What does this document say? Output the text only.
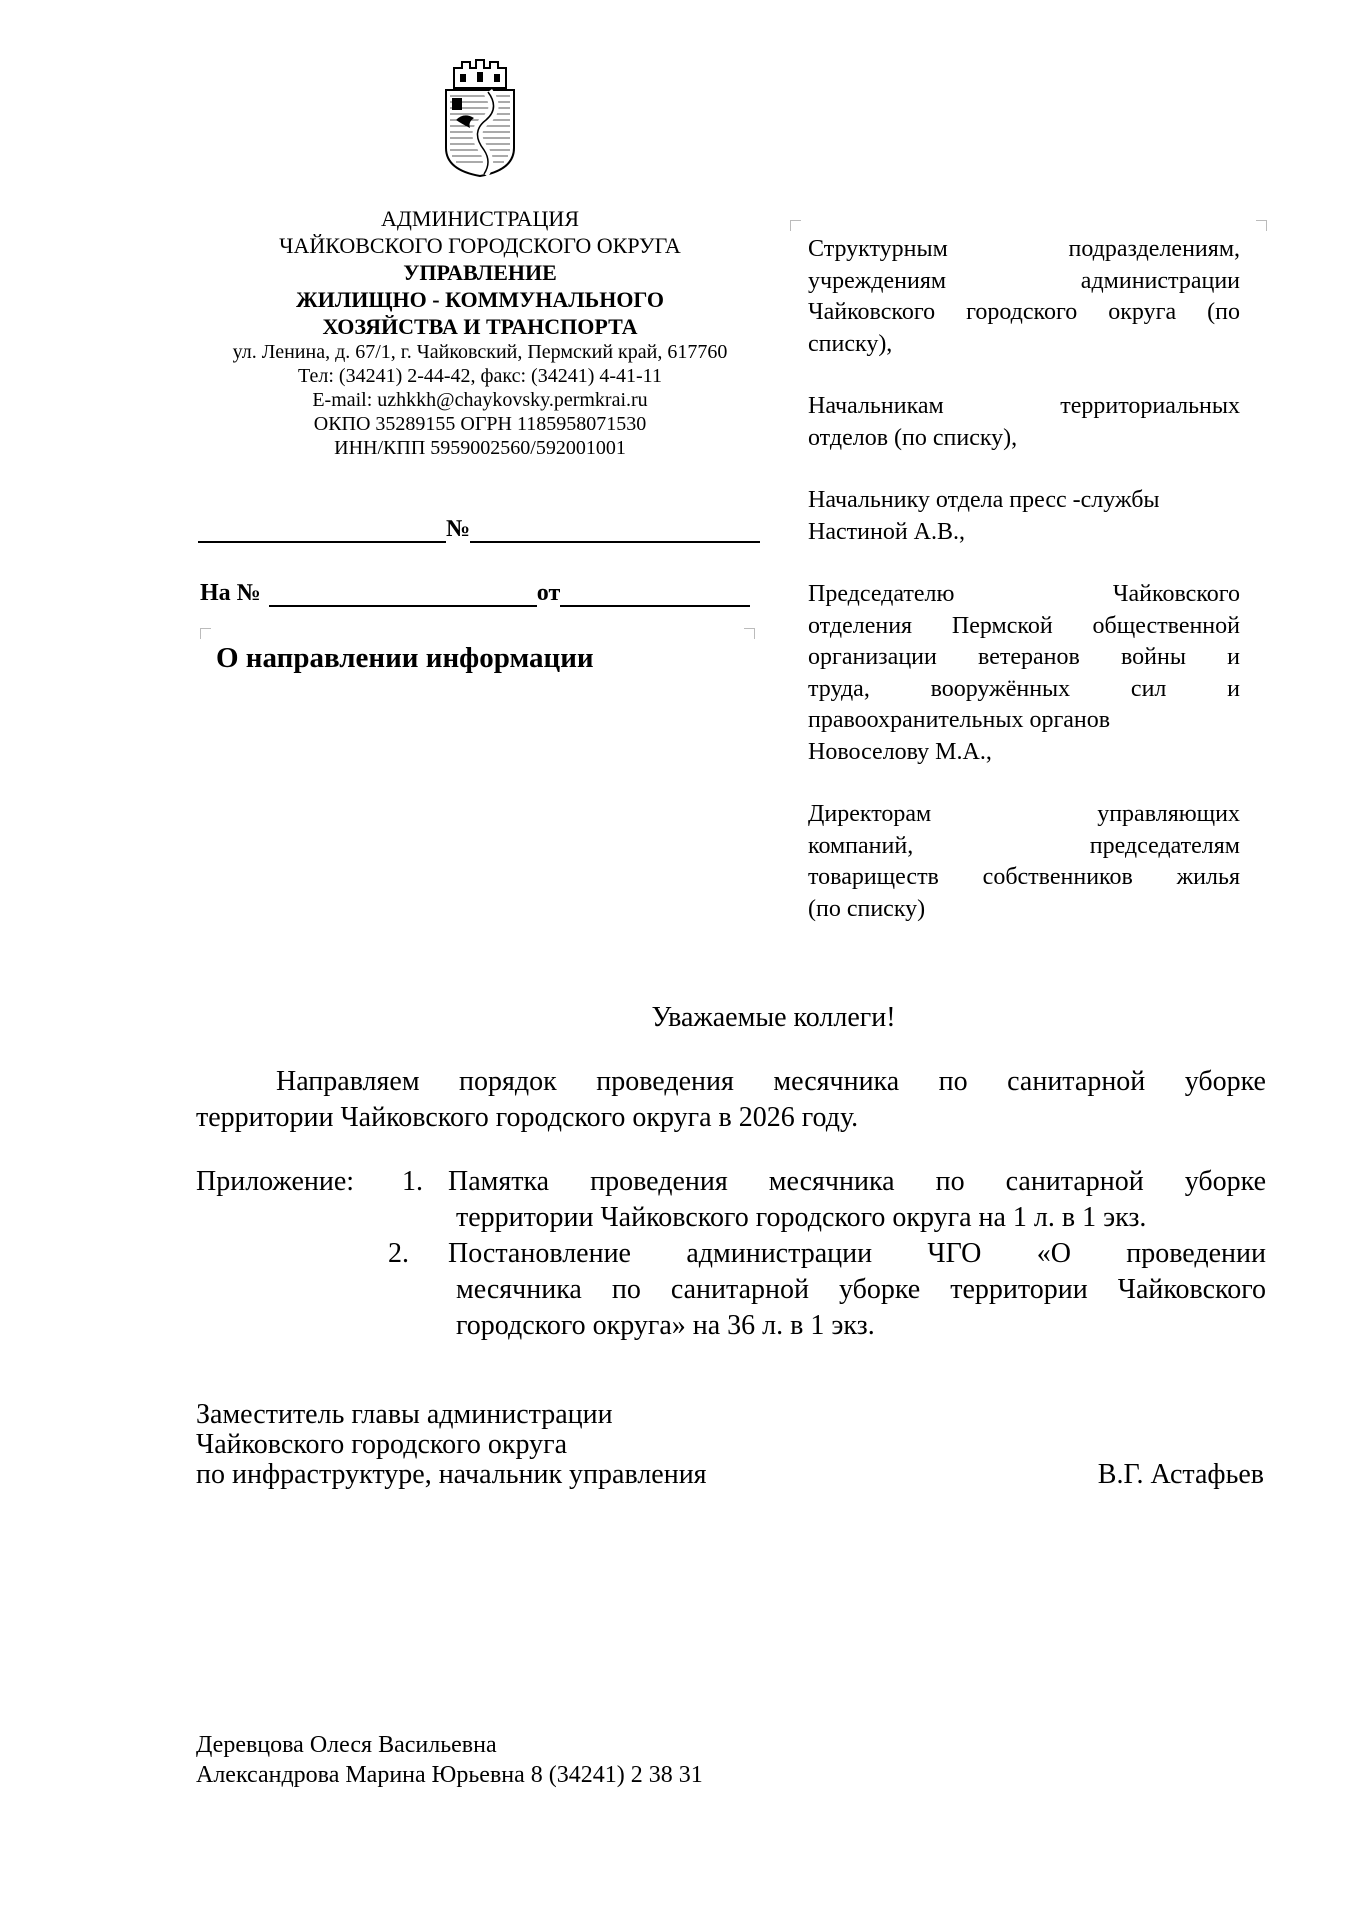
АДМИНИСТРАЦИЯ
ЧАЙКОВСКОГО ГОРОДСКОГО ОКРУГА
УПРАВЛЕНИЕ
ЖИЛИЩНО - КОММУНАЛЬНОГО
ХОЗЯЙСТВА И ТРАНСПОРТА
ул. Ленина, д. 67/1, г. Чайковский, Пермский край, 617760
Тел: (34241) 2-44-42, факс: (34241) 4-41-11
E-mail: uzhkkh@chaykovsky.permkrai.ru
ОКПО 35289155 ОГРН 1185958071530
ИНН/КПП 5959002560/592001001
№
На №	от
О направлении информации
Структурным подразделениям,
учреждениям администрации
Чайковского городского округа (по
списку),
Начальникам территориальных
отделов (по списку),
Начальнику отдела пресс -службы
Настиной А.В.,
Председателю Чайковского
отделения Пермской общественной
организации ветеранов войны и
труда, вооружённых сил и
правоохранительных органов
Новоселову М.А.,
Директорам управляющих
компаний, председателям
товариществ собственников жилья
(по списку)
Уважаемые коллеги!
Направляем порядок проведения месячника по санитарной уборке
территории Чайковского городского округа в 2026 году.
Приложение: 1. Памятка проведения месячника по санитарной уборке
территории Чайковского городского округа на 1 л. в 1 экз.
2. Постановление администрации ЧГО «О проведении
месячника по санитарной уборке территории Чайковского
городского округа» на 36 л. в 1 экз.
Заместитель главы администрации
Чайковского городского округа
по инфраструктуре, начальник управления	В.Г. Астафьев
Деревцова Олеся Васильевна
Александрова Марина Юрьевна 8 (34241) 2 38 31
